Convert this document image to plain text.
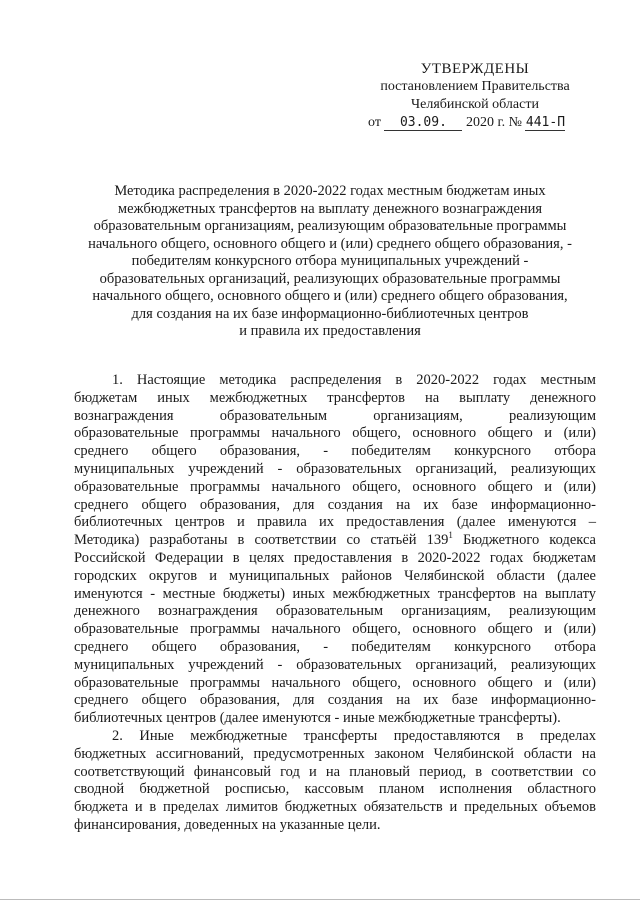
УТВЕРЖДЕНЫ
постановлением Правительства
Челябинской области
от 03.09. 2020 г. № 441-П
Методика распределения в 2020-2022 годах местным бюджетам иных
межбюджетных трансфертов на выплату денежного вознаграждения
образовательным организациям, реализующим образовательные программы
начального общего, основного общего и (или) среднего общего образования, -
победителям конкурсного отбора муниципальных учреждений -
образовательных организаций, реализующих образовательные программы
начального общего, основного общего и (или) среднего общего образования,
для создания на их базе информационно-библиотечных центров
и правила их предоставления
1. Настоящие методика распределения в 2020-2022 годах местным
бюджетам иных межбюджетных трансфертов на выплату денежного
вознаграждения образовательным организациям, реализующим
образовательные программы начального общего, основного общего и (или)
среднего общего образования, - победителям конкурсного отбора
муниципальных учреждений - образовательных организаций, реализующих
образовательные программы начального общего, основного общего и (или)
среднего общего образования, для создания на их базе информационно-
библиотечных центров и правила их предоставления (далее именуются –
Методика) разработаны в соответствии со статьёй $139^1$ Бюджетного кодекса
Российской Федерации в целях предоставления в 2020-2022 годах бюджетам
городских округов и муниципальных районов Челябинской области (далее
именуются - местные бюджеты) иных межбюджетных трансфертов на выплату
денежного вознаграждения образовательным организациям, реализующим
образовательные программы начального общего, основного общего и (или)
среднего общего образования, - победителям конкурсного отбора
муниципальных учреждений - образовательных организаций, реализующих
образовательные программы начального общего, основного общего и (или)
среднего общего образования, для создания на их базе информационно-
библиотечных центров (далее именуются - иные межбюджетные трансферты).
2. Иные межбюджетные трансферты предоставляются в пределах
бюджетных ассигнований, предусмотренных законом Челябинской области на
соответствующий финансовый год и на плановый период, в соответствии со
сводной бюджетной росписью, кассовым планом исполнения областного
бюджета и в пределах лимитов бюджетных обязательств и предельных объемов
финансирования, доведенных на указанные цели.
